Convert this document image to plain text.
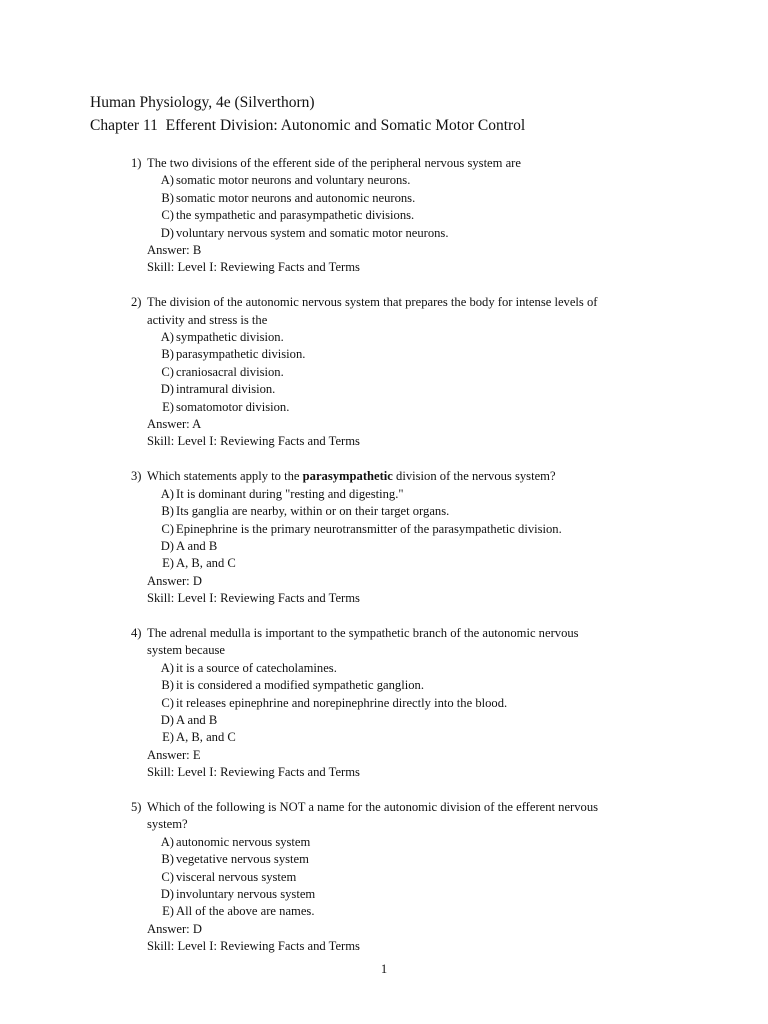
Human Physiology, 4e (Silverthorn)
Chapter 11  Efferent Division: Autonomic and Somatic Motor Control
1) The two divisions of the efferent side of the peripheral nervous system are
A) somatic motor neurons and voluntary neurons.
B) somatic motor neurons and autonomic neurons.
C) the sympathetic and parasympathetic divisions.
D) voluntary nervous system and somatic motor neurons.
Answer: B
Skill: Level I: Reviewing Facts and Terms
2) The division of the autonomic nervous system that prepares the body for intense levels of
activity and stress is the
A) sympathetic division.
B) parasympathetic division.
C) craniosacral division.
D) intramural division.
E) somatomotor division.
Answer: A
Skill: Level I: Reviewing Facts and Terms
3) Which statements apply to the parasympathetic division of the nervous system?
A) It is dominant during "resting and digesting."
B) Its ganglia are nearby, within or on their target organs.
C) Epinephrine is the primary neurotransmitter of the parasympathetic division.
D) A and B
E) A, B, and C
Answer: D
Skill: Level I: Reviewing Facts and Terms
4) The adrenal medulla is important to the sympathetic branch of the autonomic nervous
system because
A) it is a source of catecholamines.
B) it is considered a modified sympathetic ganglion.
C) it releases epinephrine and norepinephrine directly into the blood.
D) A and B
E) A, B, and C
Answer: E
Skill: Level I: Reviewing Facts and Terms
5) Which of the following is NOT a name for the autonomic division of the efferent nervous
system?
A) autonomic nervous system
B) vegetative nervous system
C) visceral nervous system
D) involuntary nervous system
E) All of the above are names.
Answer: D
Skill: Level I: Reviewing Facts and Terms
1
